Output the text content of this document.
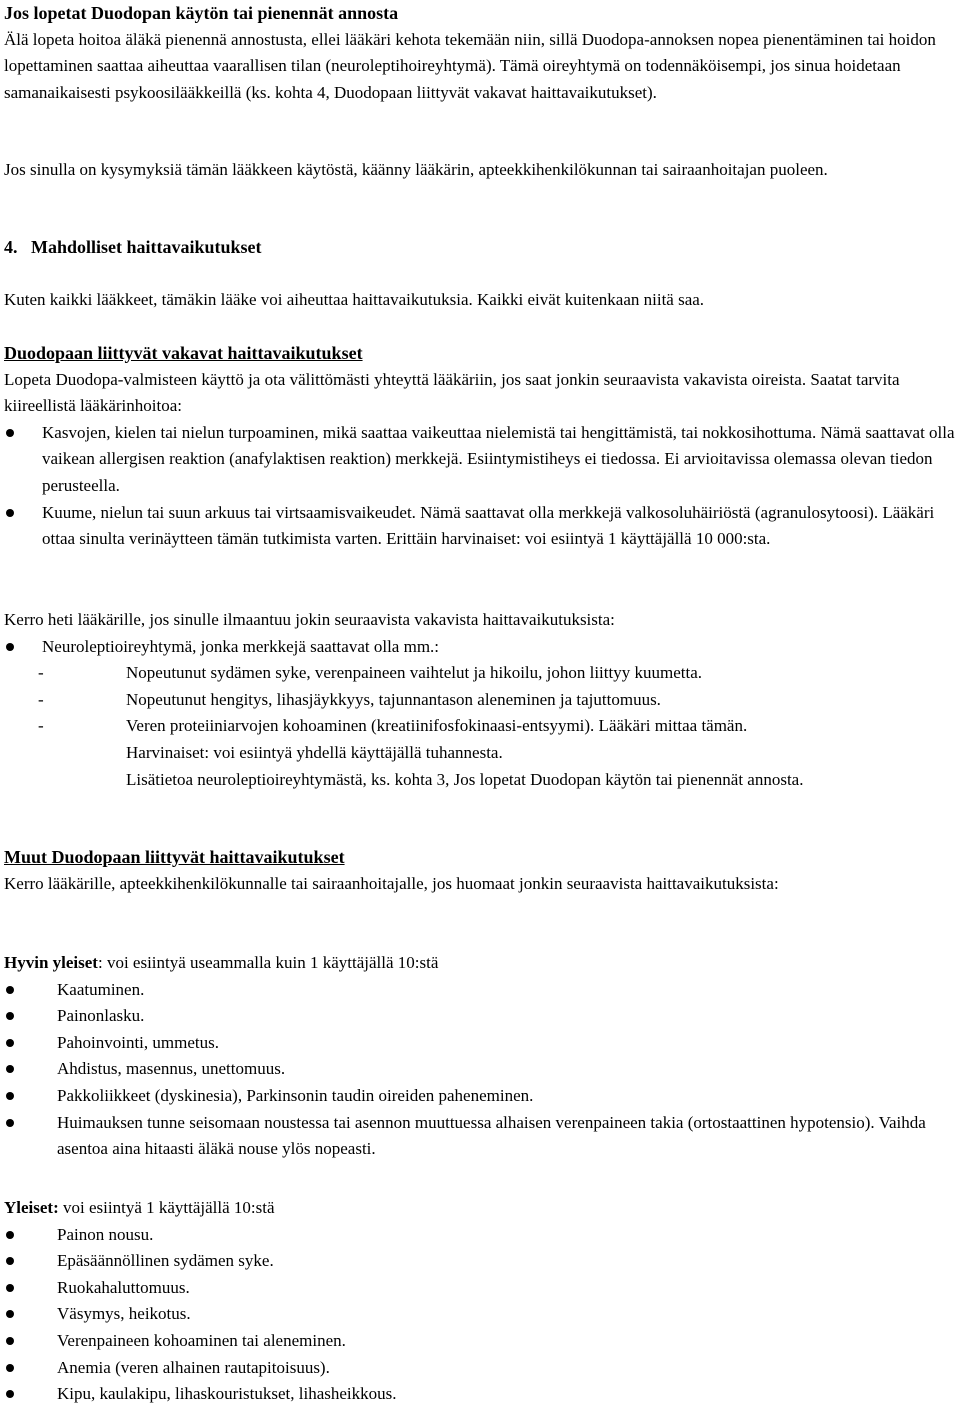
Jos lopetat Duodopan käytön tai pienennät annosta

Älä lopeta hoitoa äläkä pienennä annostusta, ellei lääkäri kehota tekemään niin, sillä Duodopa-annoksen nopea pienentäminen tai hoidon lopettaminen saattaa aiheuttaa vaarallisen tilan (neuroleptihoireyhtymä). Tämä oireyhtymä on todennäköisempi, jos sinua hoidetaan samanaikaisesti psykoosilääkkeillä (ks. kohta 4, Duodopaan liittyvät vakavat haittavaikutukset).

Jos sinulla on kysymyksiä tämän lääkkeen käytöstä, käänny lääkärin, apteekkihenkilökunnan tai sairaanhoitajan puoleen.

4. Mahdolliset haittavaikutukset

Kuten kaikki lääkkeet, tämäkin lääke voi aiheuttaa haittavaikutuksia. Kaikki eivät kuitenkaan niitä saa.

Duodopaan liittyvät vakavat haittavaikutukset

Lopeta Duodopa-valmisteen käyttö ja ota välittömästi yhteyttä lääkäriin, jos saat jonkin seuraavista vakavista oireista. Saatat tarvita kiireellistä lääkärinhoitoa:

Kasvojen, kielen tai nielun turpoaminen, mikä saattaa vaikeuttaa nielemistä tai hengittämistä, tai nokkosihottuma. Nämä saattavat olla vaikean allergisen reaktion (anafylaktisen reaktion) merkkejä. Esiintymistiheys ei tiedossa. Ei arvioitavissa olemassa olevan tiedon perusteella.
Kuume, nielun tai suun arkuus tai virtsaamisvaikeudet. Nämä saattavat olla merkkejä valkosoluhäiriöstä (agranulosytoosi). Lääkäri ottaa sinulta verinäytteen tämän tutkimista varten. Erittäin harvinaiset: voi esiintyä 1 käyttäjällä 10 000:sta.

Kerro heti lääkärille, jos sinulle ilmaantuu jokin seuraavista vakavista haittavaikutuksista:

Neuroleptioireyhtymä, jonka merkkejä saattavat olla mm.:
-	Nopeutunut sydämen syke, verenpaineen vaihtelut ja hikoilu, johon liittyy kuumetta.
-	Nopeutunut hengitys, lihasjäykkyys, tajunnantason aleneminen ja tajuttomuus.
-	Veren proteiiniarvojen kohoaminen (kreatiinifosfokinaasi-entsyymi). Lääkäri mittaa tämän.

Harvinaiset: voi esiintyä yhdellä käyttäjällä tuhannesta.

Lisätietoa neuroleptioireyhtymästä, ks. kohta 3, Jos lopetat Duodopan käytön tai pienennät annosta.

Muut Duodopaan liittyvät haittavaikutukset

Kerro lääkärille, apteekkihenkilökunnalle tai sairaanhoitajalle, jos huomaat jonkin seuraavista haittavaikutuksista:

Hyvin yleiset: voi esiintyä useammalla kuin 1 käyttäjällä 10:stä

Kaatuminen.
Painonlasku.
Pahoinvointi, ummetus.
Ahdistus, masennus, unettomuus.
Pakkoliikkeet (dyskinesia), Parkinsonin taudin oireiden paheneminen.
Huimauksen tunne seisomaan noustessa tai asennon muuttuessa alhaisen verenpaineen takia (ortostaattinen hypotensio). Vaihda asentoa aina hitaasti äläkä nouse ylös nopeasti.

Yleiset: voi esiintyä 1 käyttäjällä 10:stä

Painon nousu.
Epäsäännöllinen sydämen syke.
Ruokahaluttomuus.
Väsymys, heikotus.
Verenpaineen kohoaminen tai aleneminen.
Anemia (veren alhainen rautapitoisuus).
Kipu, kaulakipu, lihaskouristukset, lihasheikkous.
